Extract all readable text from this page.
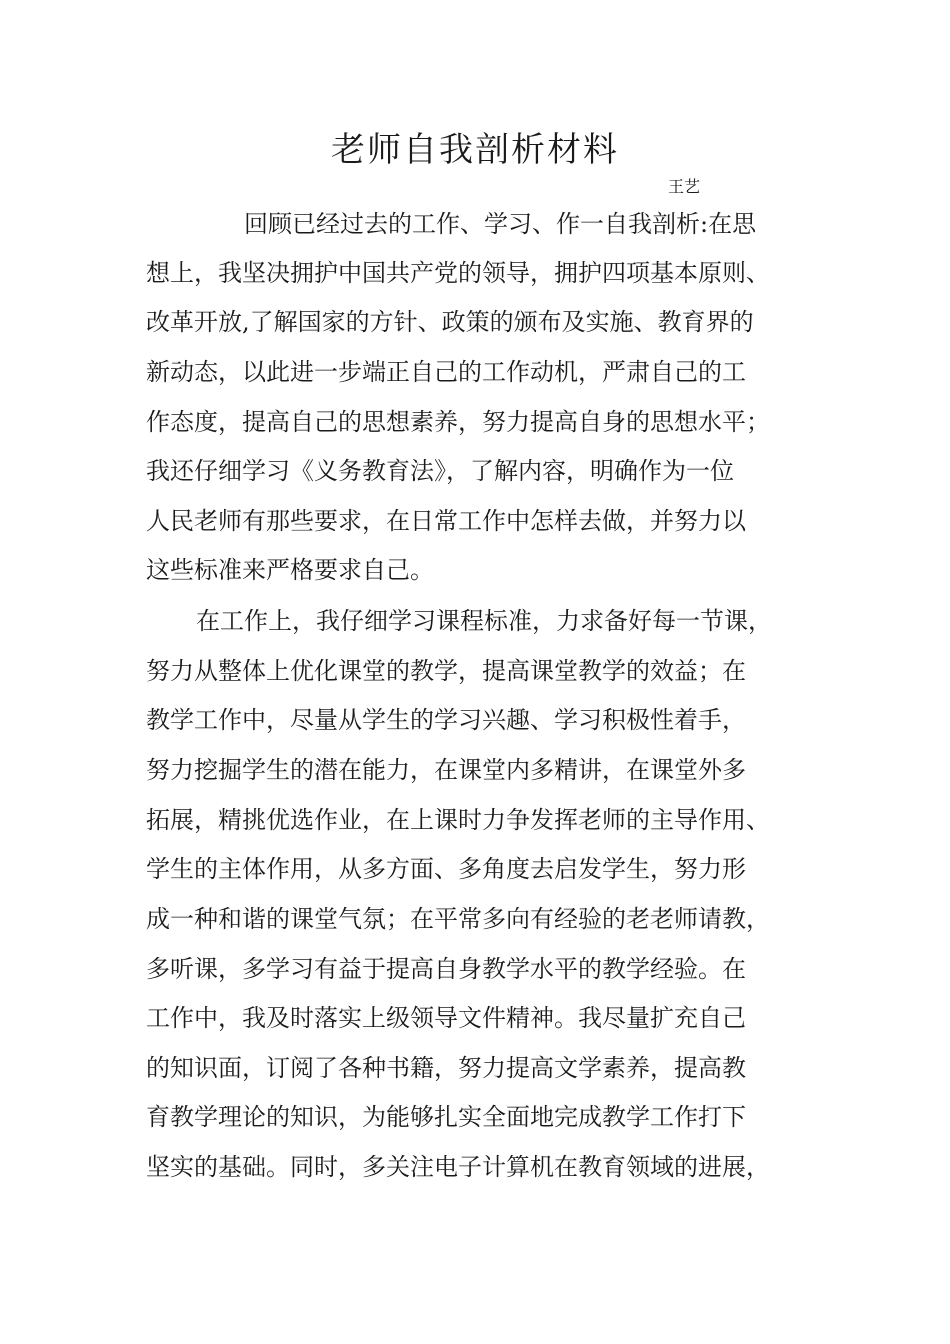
老师自我剖析材料
王艺
回顾已经过去的工作、学习、作一自我剖析:在思
想上，我坚决拥护中国共产党的领导，拥护四项基本原则、
改革开放,了解国家的方针、政策的颁布及实施、教育界的
新动态，以此进一步端正自己的工作动机，严肃自己的工
作态度，提高自己的思想素养，努力提高自身的思想水平；
我还仔细学习《义务教育法》，了解内容，明确作为一位
人民老师有那些要求，在日常工作中怎样去做，并努力以
这些标准来严格要求自己。
在工作上，我仔细学习课程标准，力求备好每一节课，
努力从整体上优化课堂的教学，提高课堂教学的效益；在
教学工作中，尽量从学生的学习兴趣、学习积极性着手，
努力挖掘学生的潜在能力，在课堂内多精讲，在课堂外多
拓展，精挑优选作业，在上课时力争发挥老师的主导作用、
学生的主体作用，从多方面、多角度去启发学生，努力形
成一种和谐的课堂气氛；在平常多向有经验的老老师请教，
多听课，多学习有益于提高自身教学水平的教学经验。在
工作中，我及时落实上级领导文件精神。我尽量扩充自己
的知识面，订阅了各种书籍，努力提高文学素养，提高教
育教学理论的知识，为能够扎实全面地完成教学工作打下
坚实的基础。同时，多关注电子计算机在教育领域的进展，
